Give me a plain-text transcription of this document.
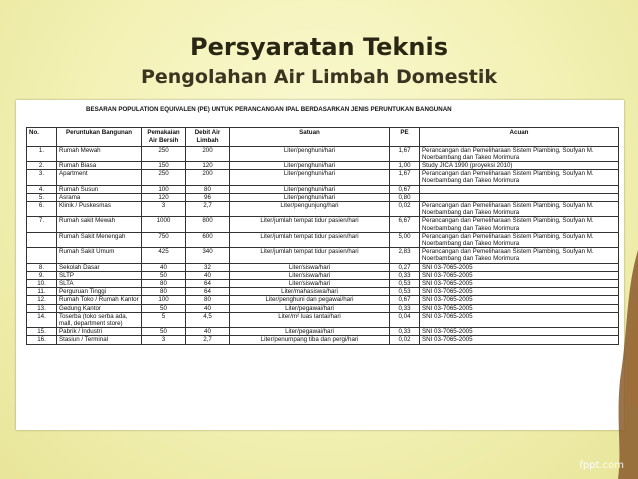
Persyaratan Teknis
Pengolahan Air Limbah Domestik
BESARAN POPULATION EQUIVALEN (PE) UNTUK PERANCANGAN IPAL BERDASARKAN JENIS PERUNTUKAN BANGUNAN
No.	Peruntukan Bangunan	Pemakaian Air Bersih	Debit Air Limbah	Satuan	PE	Acuan
1.	Rumah Mewah	250	200	Liter/penghuni/hari	1,67	Perancangan dan Pemeliharaan Sistem Plambing, Soufyan M. Noerbambang dan Takeo Morimura
2.	Rumah Biasa	150	120	Liter/penghuni/hari	1,00	Study JICA 1990 (proyeksi 2010)
3.	Apartment	250	200	Liter/penghuni/hari	1,67	Perancangan dan Pemeliharaan Sistem Plambing, Soufyan M. Noerbambang dan Takeo Morimura
4.	Rumah Susun	100	80	Liter/penghuni/hari	0,67	
5.	Asrama	120	96	Liter/penghuni/hari	0,80	
6.	Klinik / Puskesmas	3	2,7	Liter/pengunjung/hari	0,02	Perancangan dan Pemeliharaan Sistem Plambing, Soufyan M. Noerbambang dan Takeo Morimura
7.	Rumah sakit Mewah	1000	800	Liter/jumlah tempat tidur pasien/hari	6,67	Perancangan dan Pemeliharaan Sistem Plambing, Soufyan M. Noerbambang dan Takeo Morimura
	Rumah Sakit Menengah	750	600	Liter/jumlah tempat tidur pasien/hari	5,00	Perancangan dan Pemeliharaan Sistem Plambing, Soufyan M. Noerbambang dan Takeo Morimura
	Rumah Sakit Umum	425	340	Liter/jumlah tempat tidur pasien/hari	2,83	Perancangan dan Pemeliharaan Sistem Plambing, Soufyan M. Noerbambang dan Takeo Morimura
8.	Sekolah Dasar	40	32	Liter/siswa/hari	0,27	SNI 03-7065-2005
9.	SLTP	50	40	Liter/siswa/hari	0,33	SNI 03-7065-2005
10.	SLTA	80	64	Liter/siswa/hari	0,53	SNI 03-7065-2005
11.	Perguruan Tinggi	80	64	Liter/mahasiswa/hari	0,53	SNI 03-7065-2005
12.	Rumah Toko / Rumah Kantor	100	80	Liter/penghuni dan pegawai/hari	0,67	SNI 03-7065-2005
13.	Gedung Kantor	50	40	Liter/pegawai/hari	0,33	SNI 03-7065-2005
14.	Toserba (toko serba ada, mall, department store)	5	4,5	Liter/m² luas lantai/hari	0,04	SNI 03-7065-2005
15.	Pabrik / Industri	50	40	Liter/pegawai/hari	0,33	SNI 03-7065-2005
16.	Stasiun / Terminal	3	2,7	Liter/penumpang tiba dan pergi/hari	0,02	SNI 03-7065-2005
fppt.com
